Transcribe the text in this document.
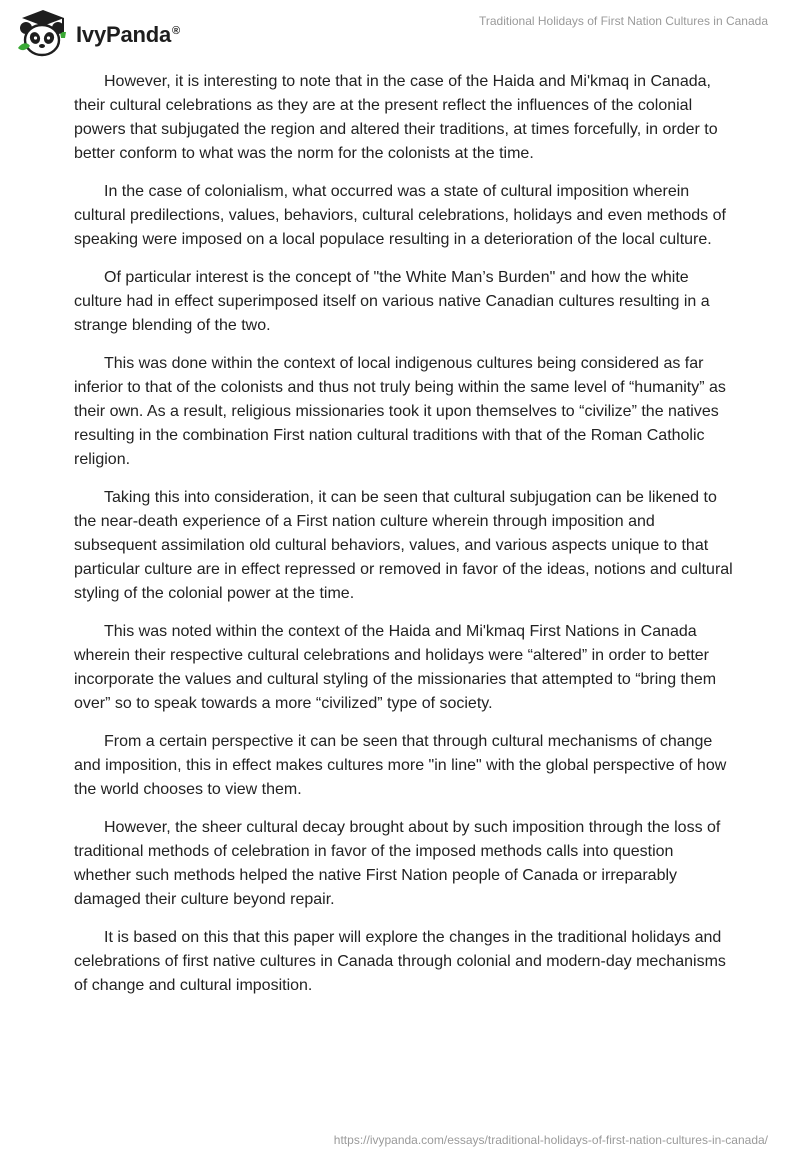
IvyPanda®
Traditional Holidays of First Nation Cultures in Canada

However, it is interesting to note that in the case of the Haida and Mi'kmaq in Canada, their cultural celebrations as they are at the present reflect the influences of the colonial powers that subjugated the region and altered their traditions, at times forcefully, in order to better conform to what was the norm for the colonists at the time.

In the case of colonialism, what occurred was a state of cultural imposition wherein cultural predilections, values, behaviors, cultural celebrations, holidays and even methods of speaking were imposed on a local populace resulting in a deterioration of the local culture.

Of particular interest is the concept of "the White Man’s Burden" and how the white culture had in effect superimposed itself on various native Canadian cultures resulting in a strange blending of the two.

This was done within the context of local indigenous cultures being considered as far inferior to that of the colonists and thus not truly being within the same level of “humanity” as their own. As a result, religious missionaries took it upon themselves to “civilize” the natives resulting in the combination First nation cultural traditions with that of the Roman Catholic religion.

Taking this into consideration, it can be seen that cultural subjugation can be likened to the near-death experience of a First nation culture wherein through imposition and subsequent assimilation old cultural behaviors, values, and various aspects unique to that particular culture are in effect repressed or removed in favor of the ideas, notions and cultural styling of the colonial power at the time.

This was noted within the context of the Haida and Mi'kmaq First Nations in Canada wherein their respective cultural celebrations and holidays were “altered” in order to better incorporate the values and cultural styling of the missionaries that attempted to “bring them over” so to speak towards a more “civilized” type of society.

From a certain perspective it can be seen that through cultural mechanisms of change and imposition, this in effect makes cultures more "in line" with the global perspective of how the world chooses to view them.

However, the sheer cultural decay brought about by such imposition through the loss of traditional methods of celebration in favor of the imposed methods calls into question whether such methods helped the native First Nation people of Canada or irreparably damaged their culture beyond repair.

It is based on this that this paper will explore the changes in the traditional holidays and celebrations of first native cultures in Canada through colonial and modern-day mechanisms of change and cultural imposition.

https://ivypanda.com/essays/traditional-holidays-of-first-nation-cultures-in-canada/
